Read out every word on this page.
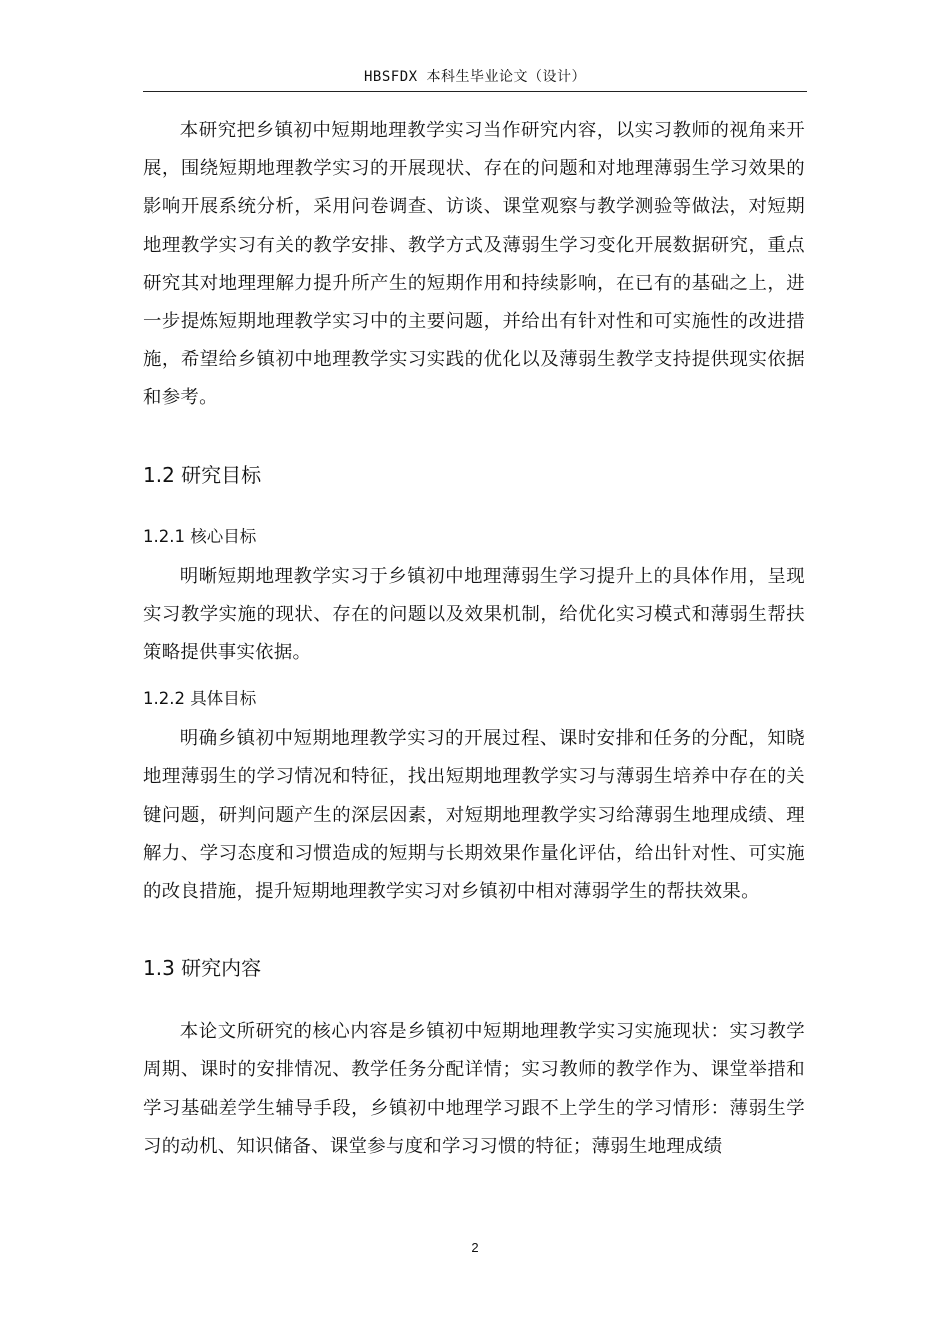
HBSFDX 本科生毕业论文（设计）

本研究把乡镇初中短期地理教学实习当作研究内容，以实习教师的视角来开展，围绕短期地理教学实习的开展现状、存在的问题和对地理薄弱生学习效果的影响开展系统分析，采用问卷调查、访谈、课堂观察与教学测验等做法，对短期地理教学实习有关的教学安排、教学方式及薄弱生学习变化开展数据研究，重点研究其对地理理解力提升所产生的短期作用和持续影响，在已有的基础之上，进一步提炼短期地理教学实习中的主要问题，并给出有针对性和可实施性的改进措施，希望给乡镇初中地理教学实习实践的优化以及薄弱生教学支持提供现实依据和参考。

1.2 研究目标
1.2.1 核心目标

明晰短期地理教学实习于乡镇初中地理薄弱生学习提升上的具体作用，呈现实习教学实施的现状、存在的问题以及效果机制，给优化实习模式和薄弱生帮扶策略提供事实依据。

1.2.2 具体目标

明确乡镇初中短期地理教学实习的开展过程、课时安排和任务的分配，知晓地理薄弱生的学习情况和特征，找出短期地理教学实习与薄弱生培养中存在的关键问题，研判问题产生的深层因素，对短期地理教学实习给薄弱生地理成绩、理解力、学习态度和习惯造成的短期与长期效果作量化评估，给出针对性、可实施的改良措施，提升短期地理教学实习对乡镇初中相对薄弱学生的帮扶效果。

1.3 研究内容

本论文所研究的核心内容是乡镇初中短期地理教学实习实施现状：实习教学周期、课时的安排情况、教学任务分配详情；实习教师的教学作为、课堂举措和学习基础差学生辅导手段，乡镇初中地理学习跟不上学生的学习情形：薄弱生学习的动机、知识储备、课堂参与度和学习习惯的特征；薄弱生地理成绩

2
